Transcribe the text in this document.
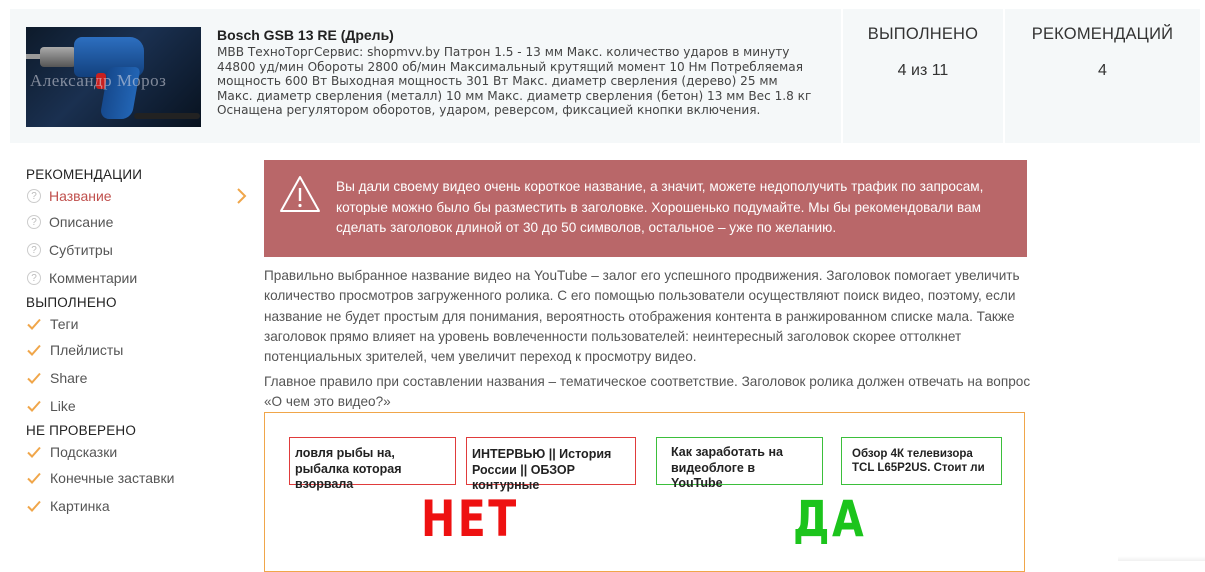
Александр Мороз

Bosch GSB 13 RE (Дрель)

МВВ ТехноТоргСервис: shopmvv.by Патрон 1.5 - 13 мм Макс. количество ударов в минуту 44800 уд/мин Обороты 2800 об/мин Максимальный крутящий момент 10 Нм Потребляемая мощность 600 Вт Выходная мощность 301 Вт Макс. диаметр сверления (дерево) 25 мм Макс. диаметр сверления (металл) 10 мм Макс. диаметр сверления (бетон) 13 мм Вес 1.8 кг Оснащена регулятором оборотов, ударом, реверсом, фиксацией кнопки включения.
ВЫПОЛНЕНО
4 из 11
РЕКОМЕНДАЦИЙ
4
РЕКОМЕНДАЦИИ
? Название
? Описание
? Субтитры
? Комментарии
ВЫПОЛНЕНО
Теги
Плейлисты
Share
Like
НЕ ПРОВЕРЕНО
Подсказки
Конечные заставки
Картинка
Вы дали своему видео очень короткое название, а значит, можете недополучить трафик по запросам, которые можно было бы разместить в заголовке. Хорошенько подумайте. Мы бы рекомендовали вам сделать заголовок длиной от 30 до 50 символов, остальное – уже по желанию.
Правильно выбранное название видео на YouTube – залог его успешного продвижения. Заголовок помогает увеличить количество просмотров загруженного ролика. С его помощью пользователи осуществляют поиск видео, поэтому, если название не будет простым для понимания, вероятность отображения контента в ранжированном списке мала. Также заголовок прямо влияет на уровень вовлеченности пользователей: неинтересный заголовок скорее оттолкнет потенциальных зрителей, чем увеличит переход к просмотру видео.
Главное правило при составлении названия – тематическое соответствие. Заголовок ролика должен отвечать на вопрос «О чем это видео?»
ловля рыбы на, рыбалка которая взорвала
ИНТЕРВЬЮ || История России || ОБЗОР контурные
Как заработать на видеоблоге в YouTube
Обзор 4К телевизора TCL L65P2US. Стоит ли
НЕТ	ДА
